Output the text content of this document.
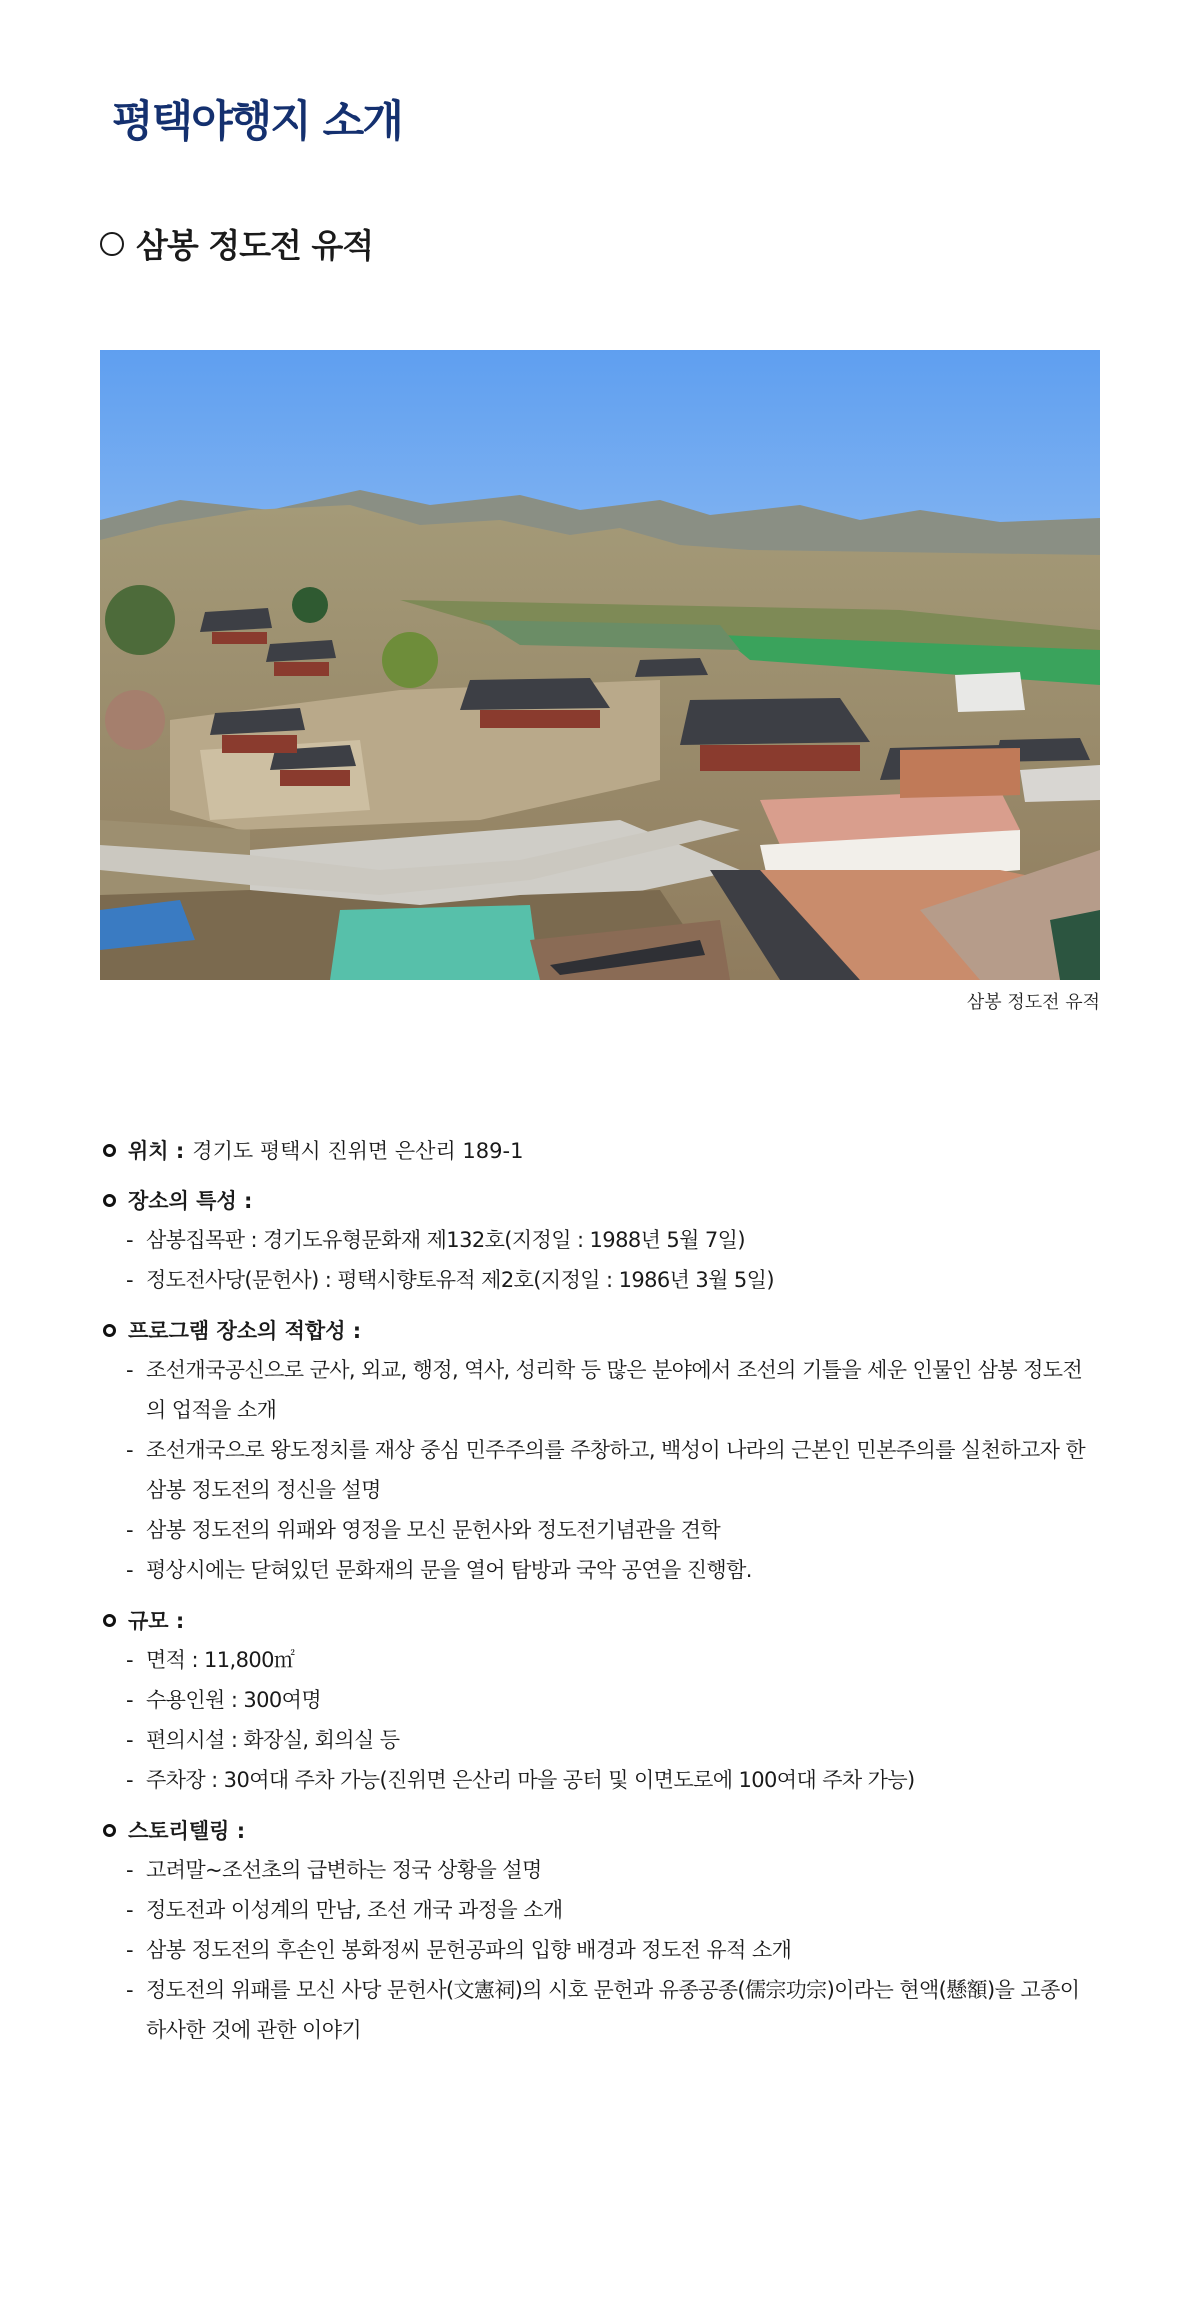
평택야행지 소개
삼봉 정도전 유적
삼봉 정도전 유적
위치 : 경기도 평택시 진위면 은산리 189-1
장소의 특성 :
- 삼봉집목판 : 경기도유형문화재 제132호(지정일 : 1988년 5월 7일)
- 정도전사당(문헌사) : 평택시향토유적 제2호(지정일 : 1986년 3월 5일)
프로그램 장소의 적합성 :
- 조선개국공신으로 군사, 외교, 행정, 역사, 성리학 등 많은 분야에서 조선의 기틀을 세운 인물인 삼봉 정도전의 업적을 소개
- 조선개국으로 왕도정치를 재상 중심 민주주의를 주창하고, 백성이 나라의 근본인 민본주의를 실천하고자 한 삼봉 정도전의 정신을 설명
- 삼봉 정도전의 위패와 영정을 모신 문헌사와 정도전기념관을 견학
- 평상시에는 닫혀있던 문화재의 문을 열어 탐방과 국악 공연을 진행함.
규모 :
- 면적 : 11,800㎡
- 수용인원 : 300여명
- 편의시설 : 화장실, 회의실 등
- 주차장 : 30여대 주차 가능(진위면 은산리 마을 공터 및 이면도로에 100여대 주차 가능)
스토리텔링 :
- 고려말~조선초의 급변하는 정국 상황을 설명
- 정도전과 이성계의 만남, 조선 개국 과정을 소개
- 삼봉 정도전의 후손인 봉화정씨 문헌공파의 입향 배경과 정도전 유적 소개
- 정도전의 위패를 모신 사당 문헌사(文憲祠)의 시호 문헌과 유종공종(儒宗功宗)이라는 현액(懸額)을 고종이 하사한 것에 관한 이야기
